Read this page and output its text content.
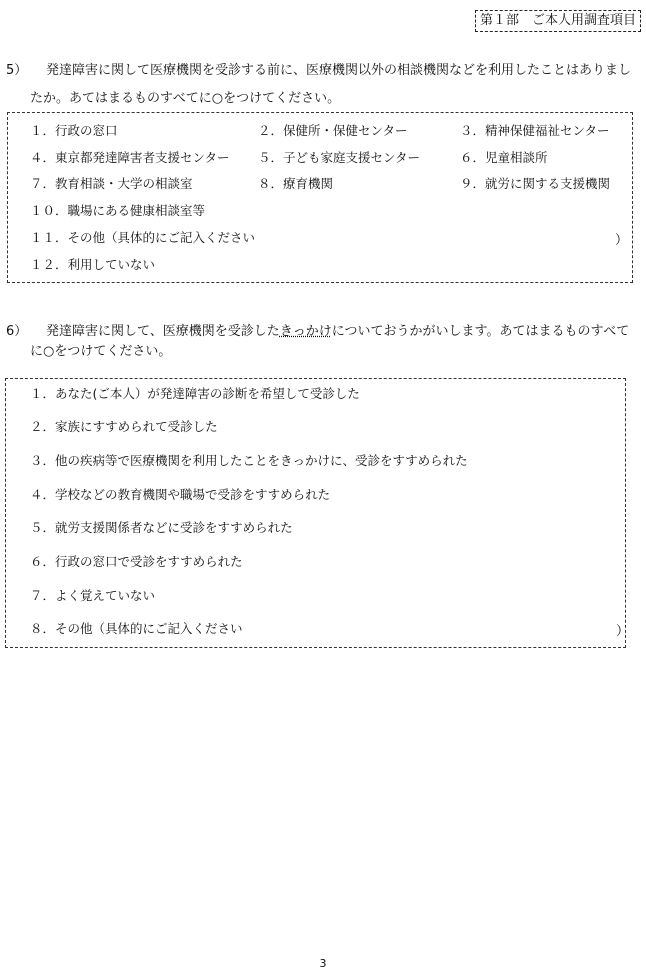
第１部　ご本人用調査項目
5） 発達障害に関して医療機関を受診する前に、医療機関以外の相談機関などを利用したことはありまし
たか。あてはまるものすべてに○をつけてください。
１．行政の窓口	２．保健所・保健センター	３．精神保健福祉センター
４．東京都発達障害者支援センター ５．子ども家庭支援センター	６．児童相談所
７．教育相談・大学の相談室	８．療育機関	９．就労に関する支援機関
１０．職場にある健康相談室等
１１．その他（具体的にご記入ください	）
１２．利用していない
6） 発達障害に関して、医療機関を受診したきっかけについておうかがいします。あてはまるものすべて
に○をつけてください。
１．あなた(ご本人）が発達障害の診断を希望して受診した
２．家族にすすめられて受診した
３．他の疾病等で医療機関を利用したことをきっかけに、受診をすすめられた
４．学校などの教育機関や職場で受診をすすめられた
５．就労支援関係者などに受診をすすめられた
６．行政の窓口で受診をすすめられた
７．よく覚えていない
８．その他（具体的にご記入ください	）
3
